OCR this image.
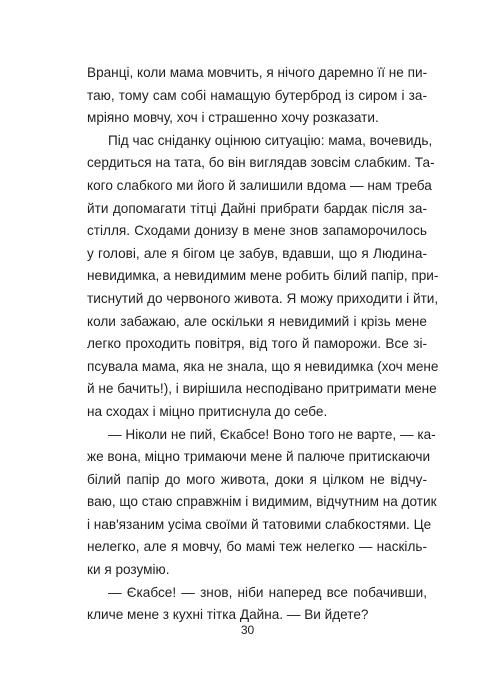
Вранці, коли мама мовчить, я нічого даремно її не пи-
таю, тому сам собі намащую бутерброд із сиром і за-
мріяно мовчу, хоч і страшенно хочу розказати.
Під час сніданку оцінюю ситуацію: мама, вочевидь,
сердиться на тата, бо він виглядав зовсім слабким. Та-
кого слабкого ми його й залишили вдома — нам треба
йти допомагати тітці Дайні прибрати бардак після за-
стілля. Сходами донизу в мене знов запаморочилось
у голові, але я бігом це забув, вдавши, що я Людина-
невидимка, а невидимим мене робить білий папір, при-
тиснутий до червоного живота. Я можу приходити і йти,
коли забажаю, але оскільки я невидимий і крізь мене
легко проходить повітря, від того й паморожи. Все зі-
псувала мама, яка не знала, що я невидимка (хоч мене
й не бачить!), і вирішила несподівано притримати мене
на сходах і міцно притиснула до себе.
— Ніколи не пий, Єкабсе! Воно того не варте, — ка-
же вона, міцно тримаючи мене й палюче притискаючи
білий папір до мого живота, доки я цілком не відчу-
ваю, що стаю справжнім і видимим, відчутним на дотик
і нав'язаним усіма своїми й татовими слабкостями. Це
нелегко, але я мовчу, бо мамі теж нелегко — наскіль-
ки я розумію.
— Єкабсе! — знов, ніби наперед все побачивши,
кличе мене з кухні тітка Дайна. — Ви йдете?
30
